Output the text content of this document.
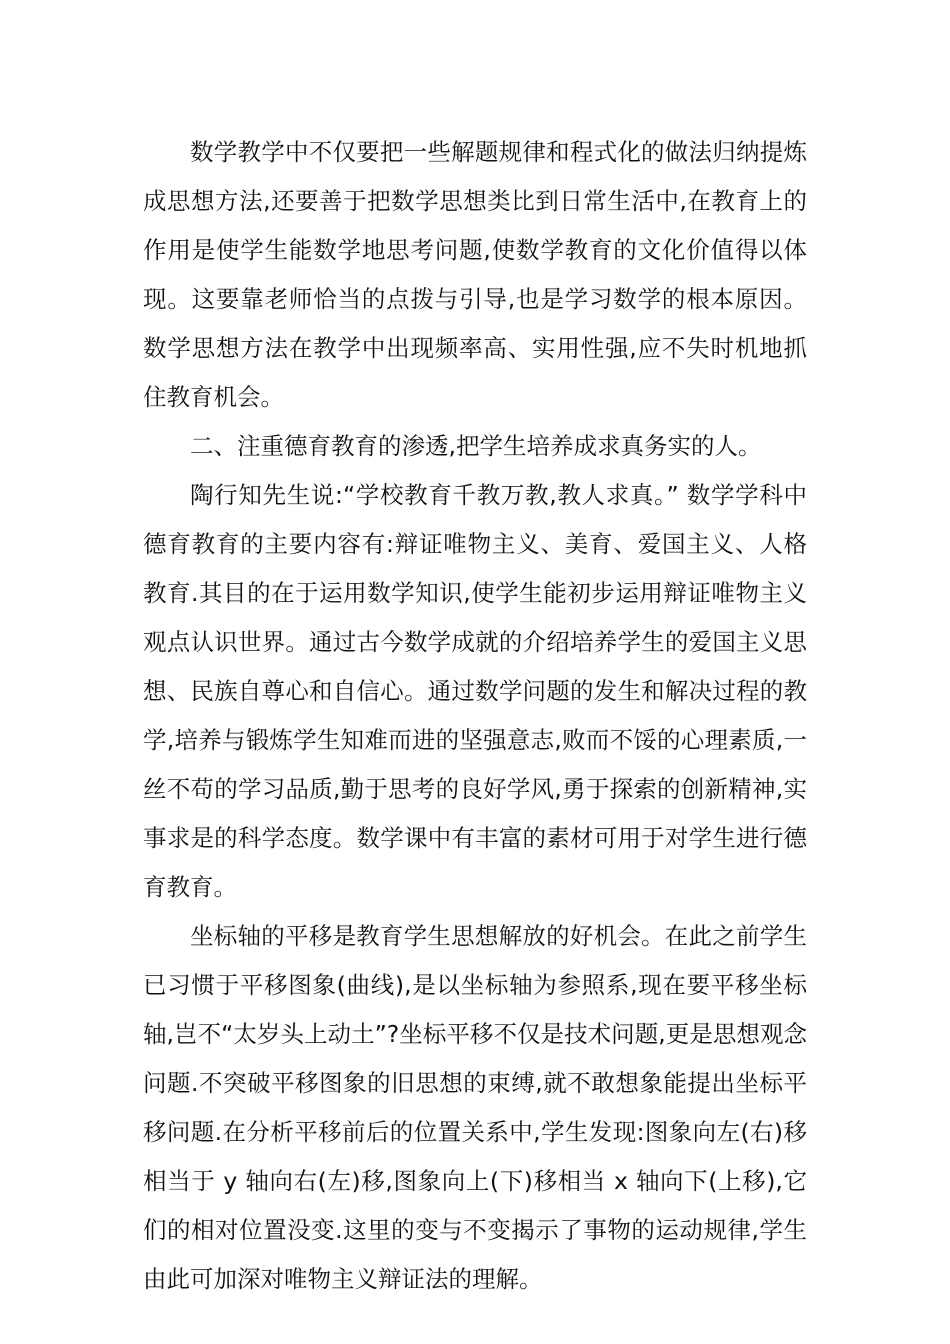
数学教学中不仅要把一些解题规律和程式化的做法归纳提炼成思想方法,还要善于把数学思想类比到日常生活中,在教育上的作用是使学生能数学地思考问题,使数学教育的文化价值得以体现。这要靠老师恰当的点拨与引导,也是学习数学的根本原因。数学思想方法在教学中出现频率高、实用性强,应不失时机地抓住教育机会。

二、注重德育教育的渗透,把学生培养成求真务实的人。

陶行知先生说:“学校教育千教万教,教人求真。” 数学学科中德育教育的主要内容有:辩证唯物主义、美育、爱国主义、人格教育.其目的在于运用数学知识,使学生能初步运用辩证唯物主义观点认识世界。通过古今数学成就的介绍培养学生的爱国主义思想、民族自尊心和自信心。通过数学问题的发生和解决过程的教学,培养与锻炼学生知难而进的坚强意志,败而不馁的心理素质,一丝不苟的学习品质,勤于思考的良好学风,勇于探索的创新精神,实事求是的科学态度。数学课中有丰富的素材可用于对学生进行德育教育。

坐标轴的平移是教育学生思想解放的好机会。在此之前学生已习惯于平移图象(曲线),是以坐标轴为参照系,现在要平移坐标轴,岂不“太岁头上动土”?坐标平移不仅是技术问题,更是思想观念问题.不突破平移图象的旧思想的束缚,就不敢想象能提出坐标平移问题.在分析平移前后的位置关系中,学生发现:图象向左(右)移相当于 y 轴向右(左)移,图象向上(下)移相当 x 轴向下(上移),它们的相对位置没变.这里的变与不变揭示了事物的运动规律,学生由此可加深对唯物主义辩证法的理解。
